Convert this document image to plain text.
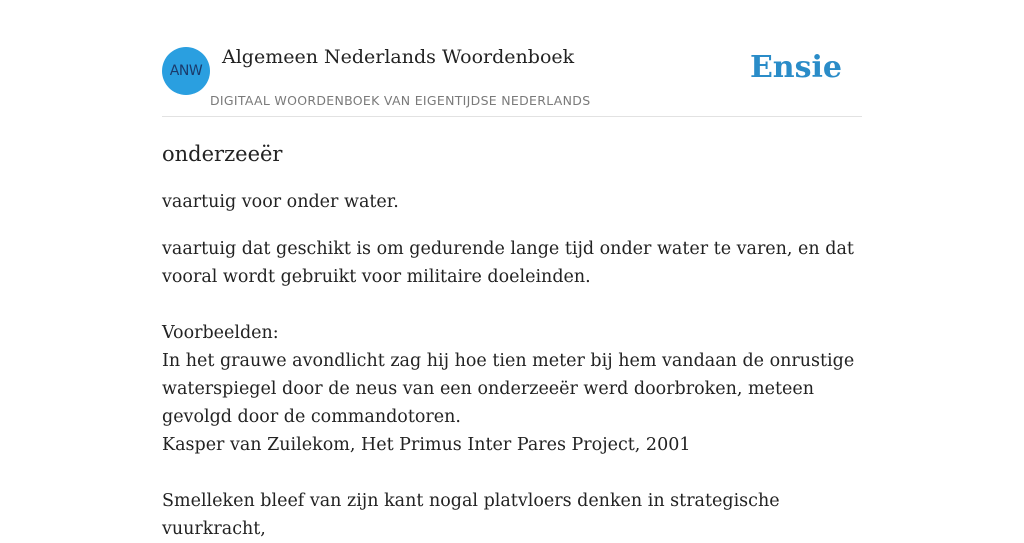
ANW
Algemeen Nederlands Woordenboek
DIGITAAL WOORDENBOEK VAN EIGENTIJDSE NEDERLANDS
Ensie
onderzeeër

vaartuig voor onder water.

vaartuig dat geschikt is om gedurende lange tijd onder water te varen, en dat vooral wordt gebruikt voor militaire doeleinden.

Voorbeelden:
In het grauwe avondlicht zag hij hoe tien meter bij hem vandaan de onrustige waterspiegel door de neus van een onderzeeër werd doorbroken, meteen gevolgd door de commandotoren.
Kasper van Zuilekom, Het Primus Inter Pares Project, 2001
Smelleken bleef van zijn kant nogal platvloers denken in strategische vuurkracht,
